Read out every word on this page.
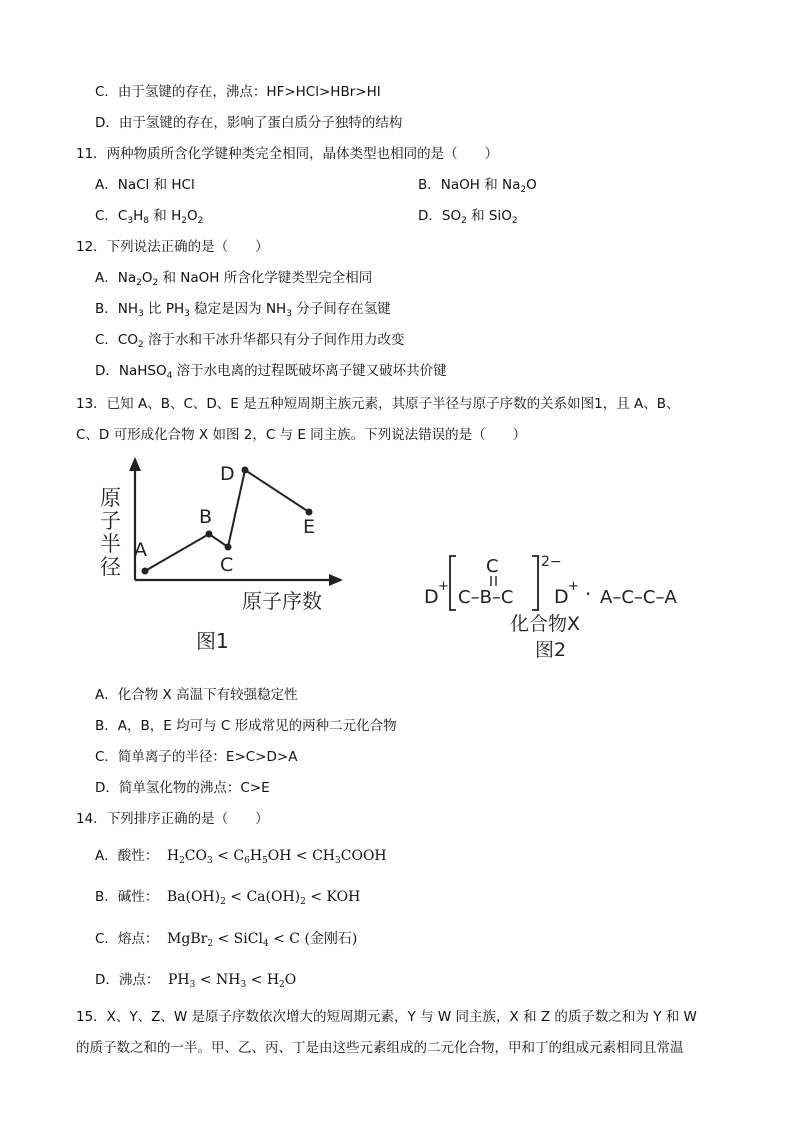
C．由于氢键的存在，沸点：HF>HCl>HBr>HI
D．由于氢键的存在，影响了蛋白质分子独特的结构
11．两种物质所含化学键种类完全相同，晶体类型也相同的是（　　）
A．NaCl 和 HCl	B．NaOH 和 $Na_2O$
C．$C_3H_8$ 和 $H_2O_2$	D．$SO_2$ 和 SiO$_2$
12．下列说法正确的是（　　）
A．$Na_2O_2$ 和 NaOH 所含化学键类型完全相同
B．$NH_3$ 比 $PH_3$ 稳定是因为 $NH_3$ 分子间存在氢键
C．$CO_2$ 溶于水和干冰升华都只有分子间作用力改变
D．NaHSO$_4$ 溶于水电离的过程既破坏离子键又破坏共价键
13．已知 A、B、C、D、E 是五种短周期主族元素，其原子半径与原子序数的关系如图1，且 A、B、
C、D 可形成化合物 X 如图 2，C 与 E 同主族。下列说法错误的是（　　）
原
子
半
径
A
B
C
D
E
原子序数
图1
D +
C
C–B–C
2−
D + · A–C–C–A
化合物X
图2
A．化合物 X 高温下有较强稳定性
B．A，B，E 均可与 C 形成常见的两种二元化合物
C．简单离子的半径：E>C>D>A
D．简单氢化物的沸点：C>E
14．下列排序正确的是（　　）
A．酸性： $H_2CO_3 < C_6H_5OH$ < $CH_3COOH$
B．碱性： $Ba(OH)_2 < Ca(OH)_2$ < KOH
C．熔点： MgBr$_2$ < SiCl$_4$ < C (金刚石)
D．沸点： $PH_3 < NH_3 < H_2O$
15．X、Y、Z、W 是原子序数依次增大的短周期元素，Y 与 W 同主族，X 和 Z 的质子数之和为 Y 和 W
的质子数之和的一半。甲、乙、丙、丁是由这些元素组成的二元化合物，甲和丁的组成元素相同且常温
